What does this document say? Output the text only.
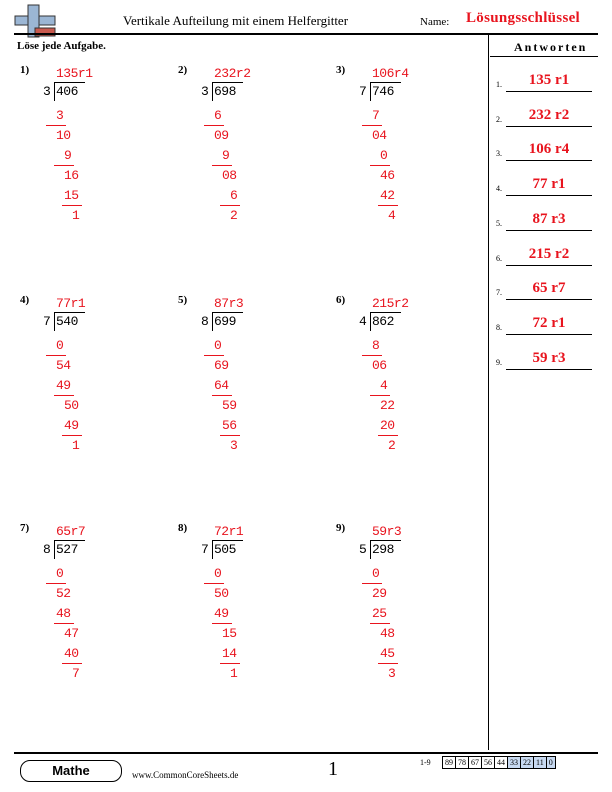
Vertikale Aufteilung mit einem Helfergitter	Name: Lösungsschlüssel
Löse jede Aufgabe.	Antworten
1) 135r1
3 406
3
10
9
16
15
1
2) 232r2
3 698
6
09
9
08
6
2
3) 106r4
7 746
7
04
0
46
42
4
4) 77r1
7 540
0
54
49
50
49
1
5) 87r3
8 699
0
69
64
59
56
3
6) 215r2
4 862
8
06
4
22
20
2
7) 65r7
8 527
0
52
48
47
40
7
8) 72r1
7 505
0
50
49
15
14
1
9) 59r3
5 298
0
29
25
48
45
3
1.	135 r1
2.	232 r2
3.	106 r4
4.	77 r1
5.	87 r3
6.	215 r2
7.	65 r7
8.	72 r1
9.	59 r3
Mathe	www.CommonCoreSheets.de	1	1-9 89	78	67	56	44	33	22	11	0
